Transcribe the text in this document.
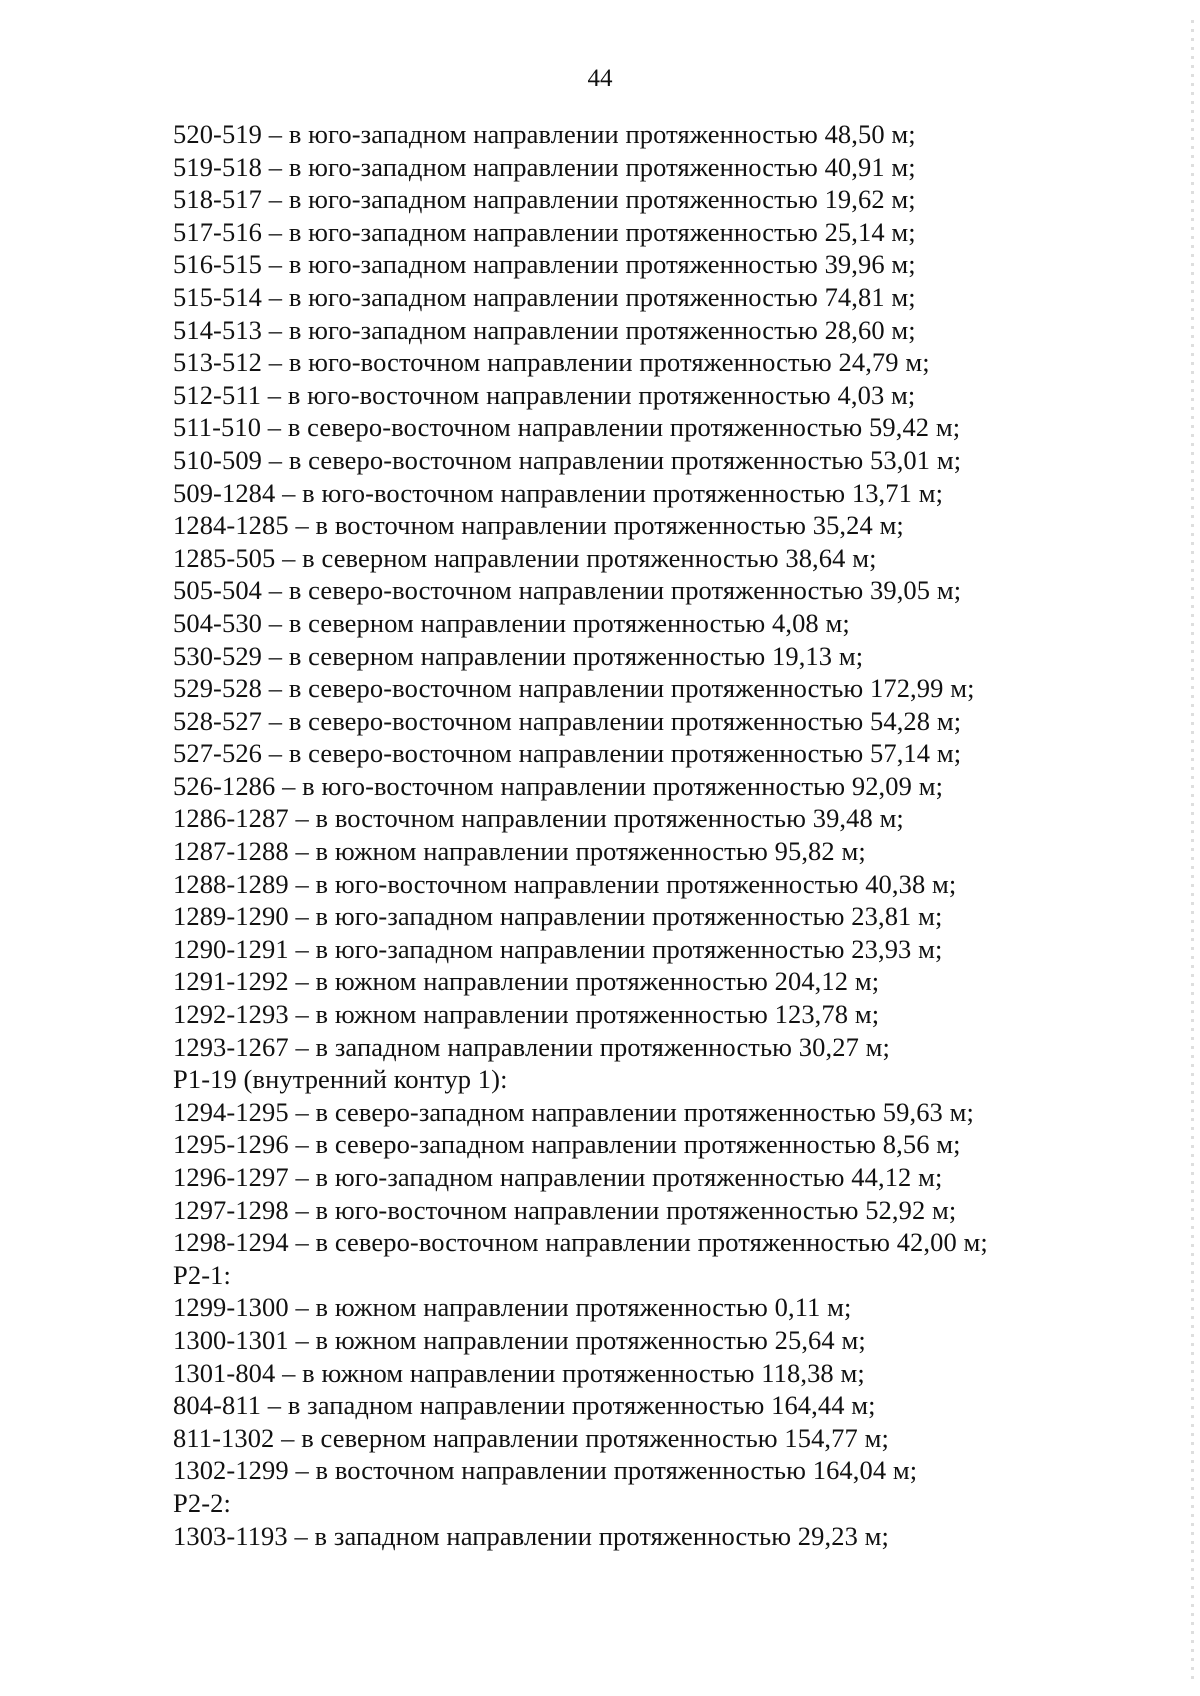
44
520-519 – в юго-западном направлении протяженностью 48,50 м;
519-518 – в юго-западном направлении протяженностью 40,91 м;
518-517 – в юго-западном направлении протяженностью 19,62 м;
517-516 – в юго-западном направлении протяженностью 25,14 м;
516-515 – в юго-западном направлении протяженностью 39,96 м;
515-514 – в юго-западном направлении протяженностью 74,81 м;
514-513 – в юго-западном направлении протяженностью 28,60 м;
513-512 – в юго-восточном направлении протяженностью 24,79 м;
512-511 – в юго-восточном направлении протяженностью 4,03 м;
511-510 – в северо-восточном направлении протяженностью 59,42 м;
510-509 – в северо-восточном направлении протяженностью 53,01 м;
509-1284 – в юго-восточном направлении протяженностью 13,71 м;
1284-1285 – в восточном направлении протяженностью 35,24 м;
1285-505 – в северном направлении протяженностью 38,64 м;
505-504 – в северо-восточном направлении протяженностью 39,05 м;
504-530 – в северном направлении протяженностью 4,08 м;
530-529 – в северном направлении протяженностью 19,13 м;
529-528 – в северо-восточном направлении протяженностью 172,99 м;
528-527 – в северо-восточном направлении протяженностью 54,28 м;
527-526 – в северо-восточном направлении протяженностью 57,14 м;
526-1286 – в юго-восточном направлении протяженностью 92,09 м;
1286-1287 – в восточном направлении протяженностью 39,48 м;
1287-1288 – в южном направлении протяженностью 95,82 м;
1288-1289 – в юго-восточном направлении протяженностью 40,38 м;
1289-1290 – в юго-западном направлении протяженностью 23,81 м;
1290-1291 – в юго-западном направлении протяженностью 23,93 м;
1291-1292 – в южном направлении протяженностью 204,12 м;
1292-1293 – в южном направлении протяженностью 123,78 м;
1293-1267 – в западном направлении протяженностью 30,27 м;
Р1-19 (внутренний контур 1):
1294-1295 – в северо-западном направлении протяженностью 59,63 м;
1295-1296 – в северо-западном направлении протяженностью 8,56 м;
1296-1297 – в юго-западном направлении протяженностью 44,12 м;
1297-1298 – в юго-восточном направлении протяженностью 52,92 м;
1298-1294 – в северо-восточном направлении протяженностью 42,00 м;
Р2-1:
1299-1300 – в южном направлении протяженностью 0,11 м;
1300-1301 – в южном направлении протяженностью 25,64 м;
1301-804 – в южном направлении протяженностью 118,38 м;
804-811 – в западном направлении протяженностью 164,44 м;
811-1302 – в северном направлении протяженностью 154,77 м;
1302-1299 – в восточном направлении протяженностью 164,04 м;
Р2-2:
1303-1193 – в западном направлении протяженностью 29,23 м;
